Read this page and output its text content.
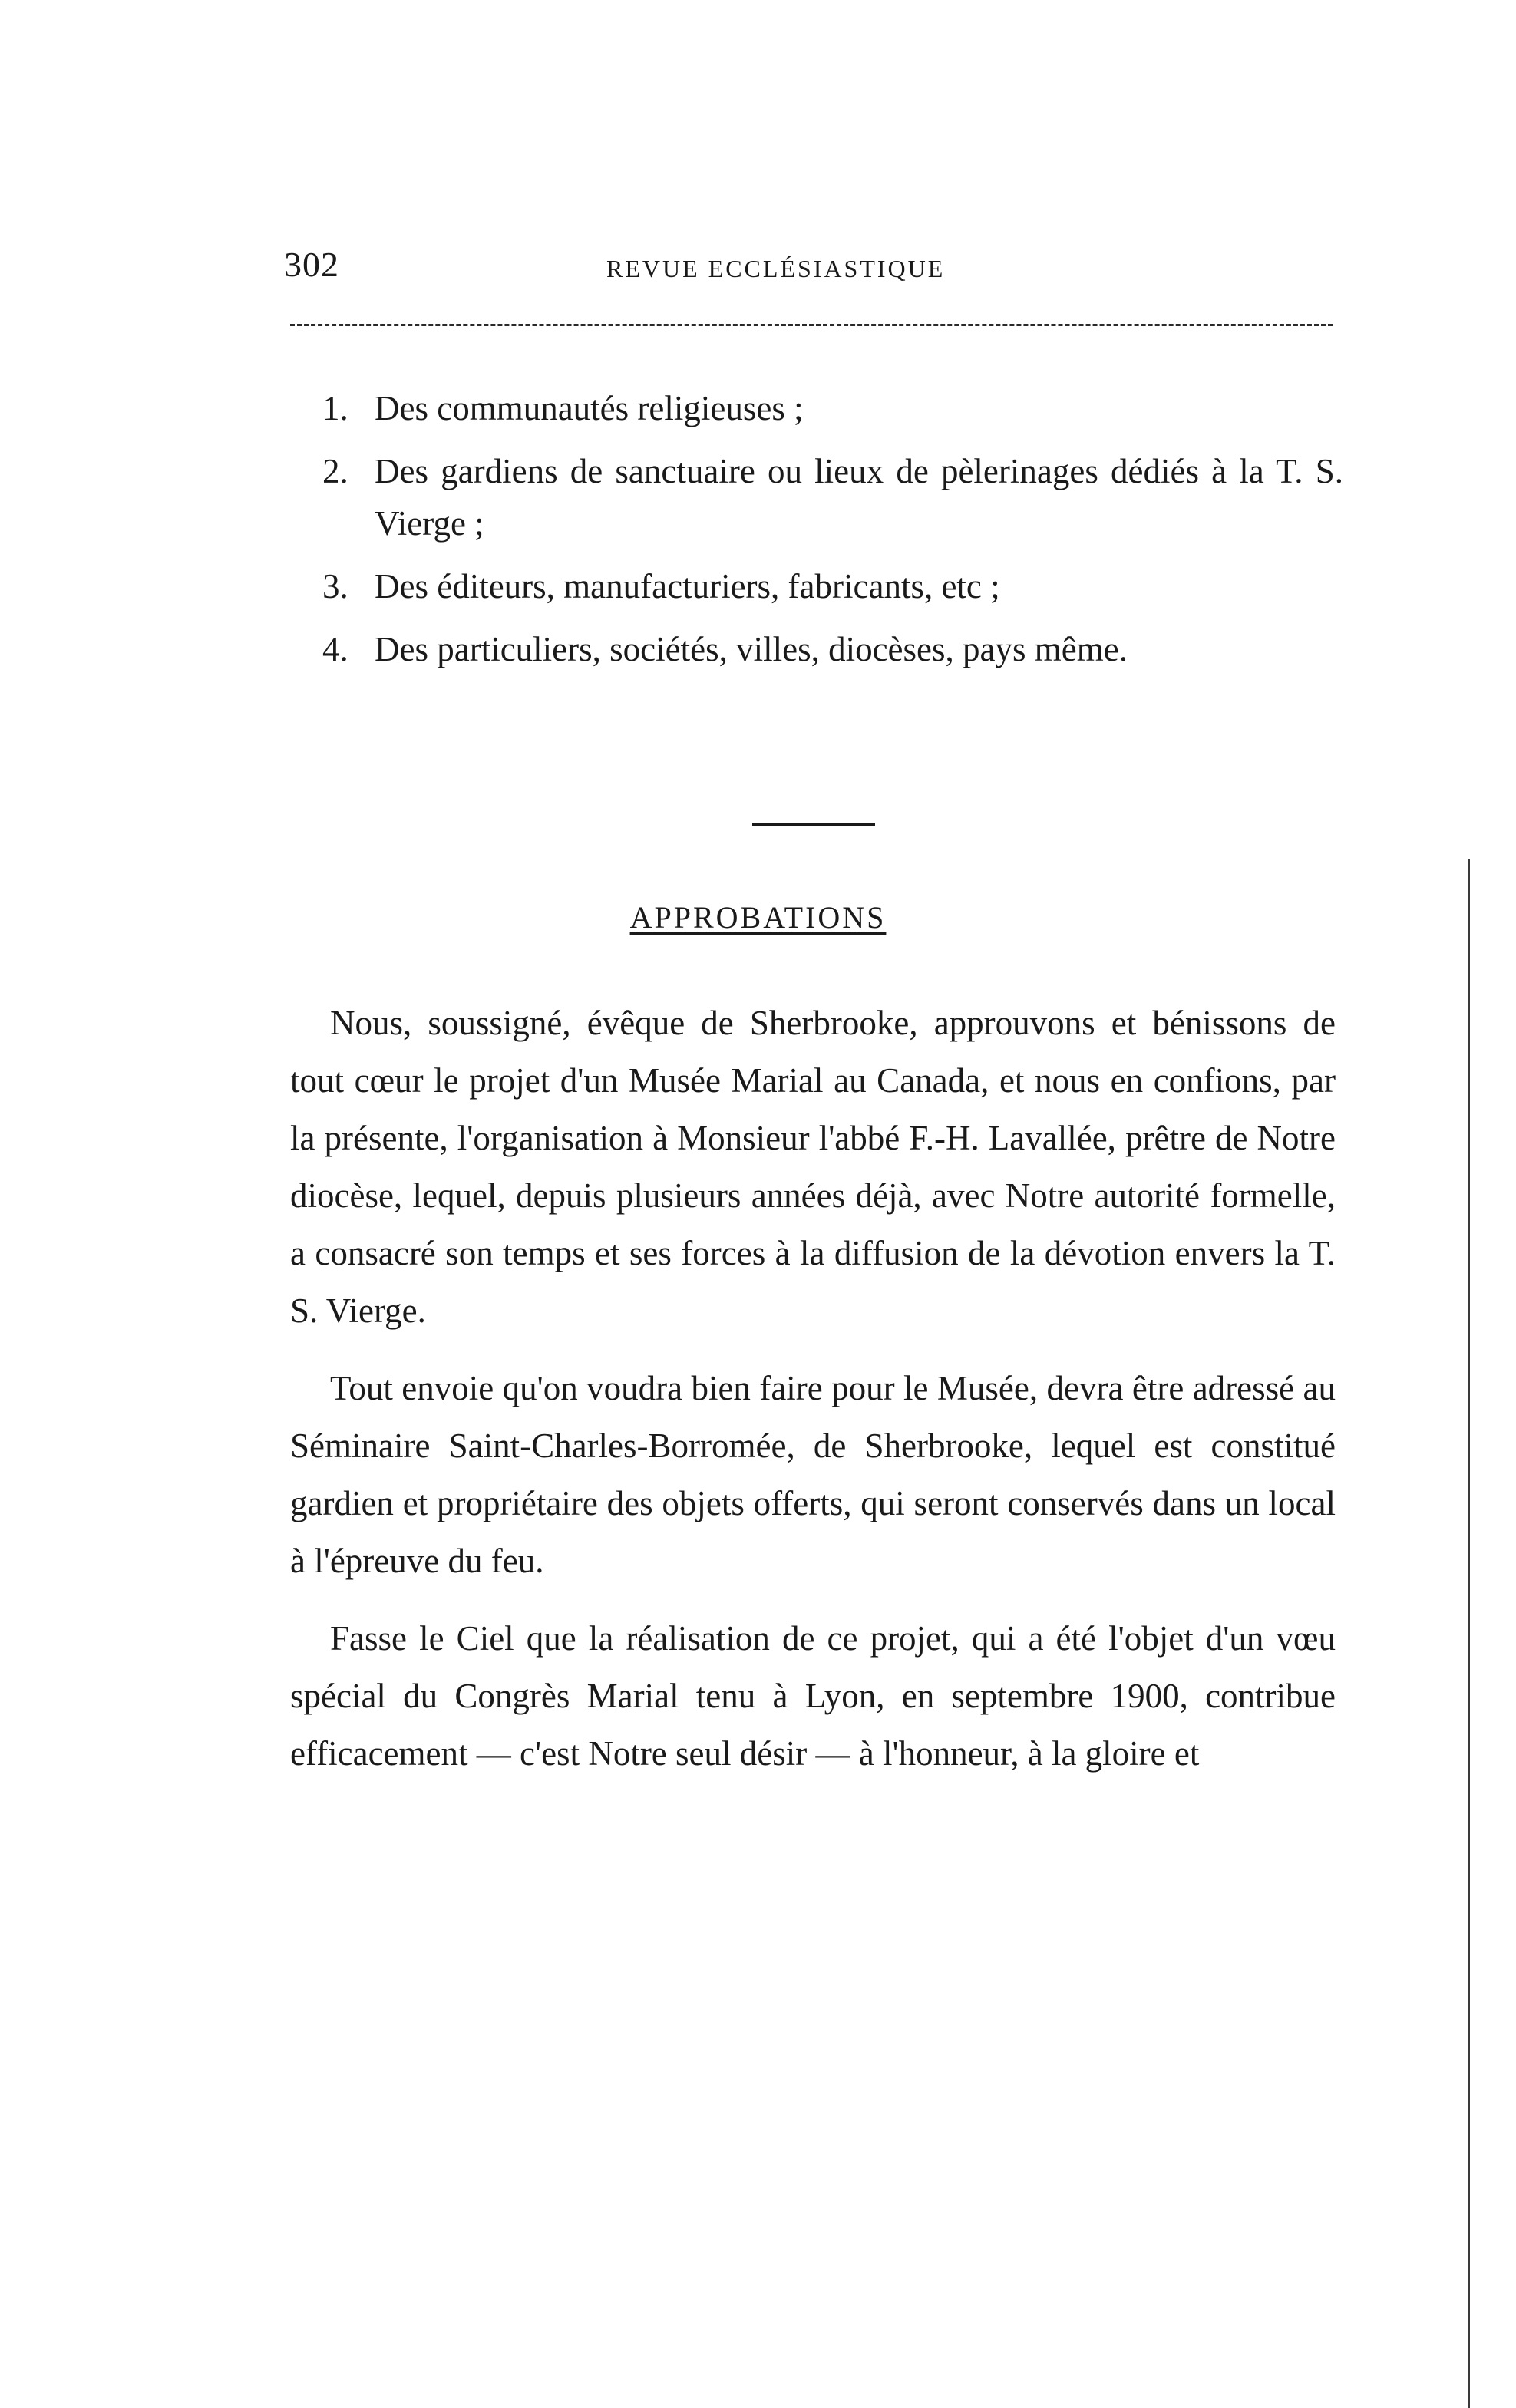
302	REVUE ECCLÉSIASTIQUE
1. Des communautés religieuses ;
2. Des gardiens de sanctuaire ou lieux de pèlerinages dédiés à la T. S. Vierge ;
3. Des éditeurs, manufacturiers, fabricants, etc ;
4. Des particuliers, sociétés, villes, diocèses, pays même.
APPROBATIONS

Nous, soussigné, évêque de Sherbrooke, approuvons et bénissons de tout cœur le projet d'un Musée Marial au Canada, et nous en confions, par la présente, l'organisation à Monsieur l'abbé F.-H. Lavallée, prêtre de Notre diocèse, lequel, depuis plusieurs années déjà, avec Notre autorité formelle, a consacré son temps et ses forces à la diffusion de la dévotion envers la T. S. Vierge.

Tout envoie qu'on voudra bien faire pour le Musée, devra être adressé au Séminaire Saint-Charles-Borromée, de Sherbrooke, lequel est constitué gardien et propriétaire des objets offerts, qui seront conservés dans un local à l'épreuve du feu.

Fasse le Ciel que la réalisation de ce projet, qui a été l'objet d'un vœu spécial du Congrès Marial tenu à Lyon, en septembre 1900, contribue efficacement — c'est Notre seul désir — à l'honneur, à la gloire et
